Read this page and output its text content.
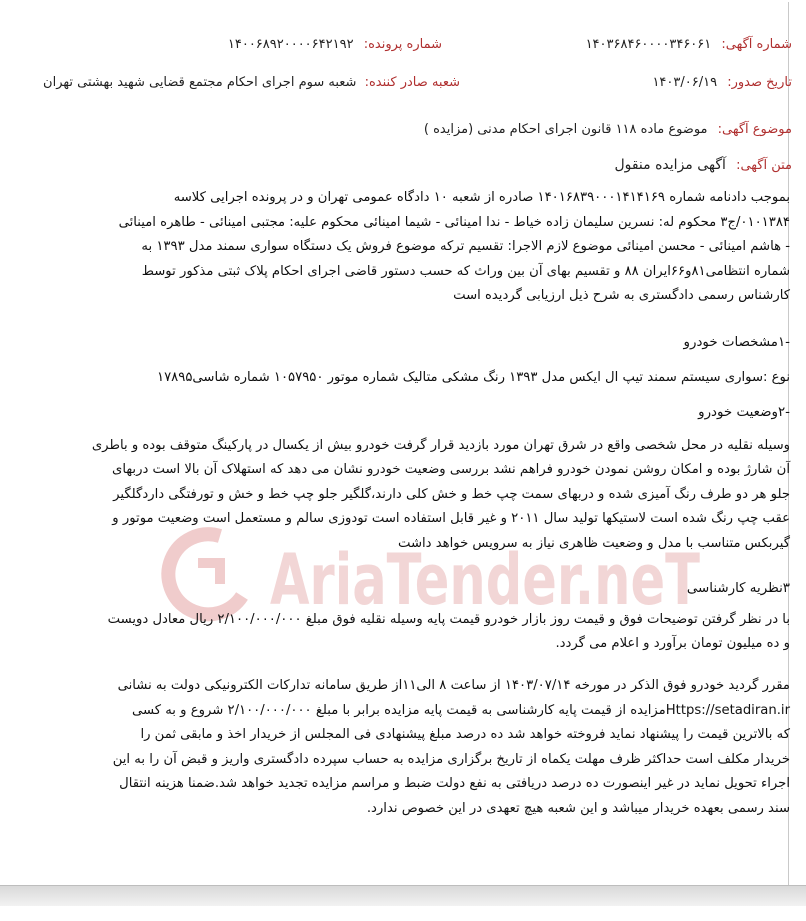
AriaTender.neT
شماره آگهی: ۱۴۰۳۶۸۴۶۰۰۰۰۳۴۶۰۶۱
شماره پرونده: ۱۴۰۰۶۸۹۲۰۰۰۰۶۴۲۱۹۲
تاریخ صدور: ۱۴۰۳/۰۶/۱۹
شعبه صادر کننده: شعبه سوم اجرای احکام مجتمع قضایی شهید بهشتی تهران
موضوع آگهی: موضوع ماده ۱۱۸ قانون اجرای احکام مدنی (مزایده )
متن آگهی: آگهی مزایده منقول

بموجب دادنامه شماره ۱۴۰۱۶۸۳۹۰۰۰۱۴۱۴۱۶۹ صادره از شعبه ۱۰ دادگاه عمومی تهران و در پرونده اجرایی کلاسه

۰۱۰۱۳۸۴/ج۳ محکوم له: نسرین سلیمان زاده خیاط - ندا امینائی - شیما امینائی محکوم علیه: مجتبی امینائی - طاهره امینائی

- هاشم امینائی - محسن امینائی موضوع لازم الاجرا: تقسیم ترکه موضوع فروش یک دستگاه سواری سمند مدل ۱۳۹۳ به

شماره انتظامی۸۱و۶۶ایران ۸۸ و تقسیم بهای آن بین وراث که حسب دستور قاضی اجرای احکام پلاک ثبتی مذکور توسط

کارشناس رسمی دادگستری به شرح ذیل ارزیابی گردیده است

-۱مشخصات خودرو

نوع :سواری سیستم سمند تیپ ال ایکس مدل ۱۳۹۳ رنگ مشکی متالیک شماره موتور ۱۰۵۷۹۵۰ شماره شاسی۱۷۸۹۵

-۲وضعیت خودرو

وسیله نقلیه در محل شخصی واقع در شرق تهران مورد بازدید قرار گرفت خودرو بیش از یکسال در پارکینگ متوقف بوده و باطری

آن شارژ بوده و امکان روشن نمودن خودرو فراهم نشد بررسی وضعیت خودرو نشان می دهد که استهلاک آن بالا است دربهای

جلو هر دو طرف رنگ آمیزی شده و دربهای سمت چپ خط و خش کلی دارند،گلگیر جلو چپ خط و خش و تورفتگی داردگلگیر

عقب چپ رنگ شده است لاستیکها تولید سال ۲۰۱۱ و غیر قابل استفاده است تودوزی سالم و مستعمل است وضعیت موتور و

گیربکس متناسب با مدل و وضعیت ظاهری نیاز به سرویس خواهد داشت

۳نظریه کارشناسی

با در نظر گرفتن توضیحات فوق و قیمت روز بازار خودرو قیمت پایه وسیله نقلیه فوق مبلغ ۲/۱۰۰/۰۰۰/۰۰۰ ریال معادل دویست

و ده میلیون تومان برآورد و اعلام می گردد.

مقرر گردید خودرو فوق الذکر در مورخه ۱۴۰۳/۰۷/۱۴ از ساعت ۸ الی۱۱از طریق سامانه تدارکات الکترونیکی دولت به نشانی

Https://setadiran.irمزایده از قیمت پایه کارشناسی به قیمت پایه مزایده برابر با مبلغ ۲/۱۰۰/۰۰۰/۰۰۰ شروع و به کسی

که بالاترین قیمت را پیشنهاد نماید فروخته خواهد شد ده درصد مبلغ پیشنهادی فی المجلس از خریدار اخذ و مابقی ثمن را

خریدار مکلف است حداکثر ظرف مهلت یکماه از تاریخ برگزاری مزایده به حساب سپرده دادگستری واریز و قبض آن را به این

اجراء تحویل نماید در غیر اینصورت ده درصد دریافتی به نفع دولت ضبط و مراسم مزایده تجدید خواهد شد.ضمنا هزینه انتقال

سند رسمی بعهده خریدار میباشد و این شعبه هیچ تعهدی در این خصوص ندارد.
